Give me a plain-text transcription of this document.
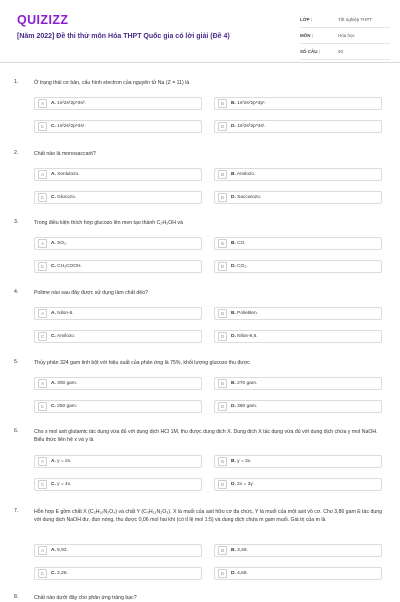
QUIZIZZ
[Năm 2022] Đề thi thử môn Hóa THPT Quốc gia có lời giải (Đề 4)
LỚP :	Tốt nghiệp THPT
MÔN :	Hóa học
SỐ CÂU :	40
1.	Ở trạng thái cơ bản, cấu hình electron của nguyên tử Na (Z = 11) là
A	A. 1s²2s²2p⁶3s².	B	B. 1s²2s²2p⁶3p¹.
C	C. 1s²2s²2p⁶3s¹.	D	D. 1s²2s²2p⁵3s¹.
2.	Chất nào là monosaccarit?
A	A. Xenlulozo.	B	B. Amilozo.
C	C. Glucozo.	D	D. Saccarozo.
3.	Trong điều kiện thích hợp glucozo lên men tạo thành C₂H₅OH và
A	A. SO₂.	B	B. CO.
C	C. CH₃COOH.	D	D. CO₂.
4.	Polime nào sau đây được sử dụng làm chất dẻo?
A	A. Nilon-6.	B	B. Polietilen.
C	C. Amilozo.	D	D. Nilon-6,6.
5.	Thủy phân 324 gam tinh bột với hiệu suất của phản ứng là 75%, khối lượng glucozo thu được
A	A. 300 gam.	B	B. 270 gam.
C	C. 250 gam.	D	D. 360 gam.
6.	Cho x mol axit glutamic tác dụng vừa đủ với dung dịch HCl 1M, thu được dung dịch X. Dung dịch X tác dụng vừa đủ với dung dịch chứa y mol NaOH. Biểu thức liên hệ x và y là
A	A. y = 2x.	B	B. y = 3x.
C	C. y = 4x.	D	D. 2x = 3y.
7.	Hỗn hợp E gồm chất X (C₃H₁₀N₂O₄) và chất Y (C₃H₁₂N₂O₃). X là muối của axit hữu cơ đa chức, Y là muối của một axit vô cơ. Cho 3,86 gam E tác dụng với dung dịch NaOH dư, đun nóng, thu được 0,06 mol hai khí (có tỉ lệ mol 1:5) và dung dịch chứa m gam muối. Giá trị của m là
A	A. 5,92.	B	B. 3,46.
C	C. 2,26.	D	D. 4,68.
8.	Chất nào dưới đây cho phản ứng tráng bạc?
